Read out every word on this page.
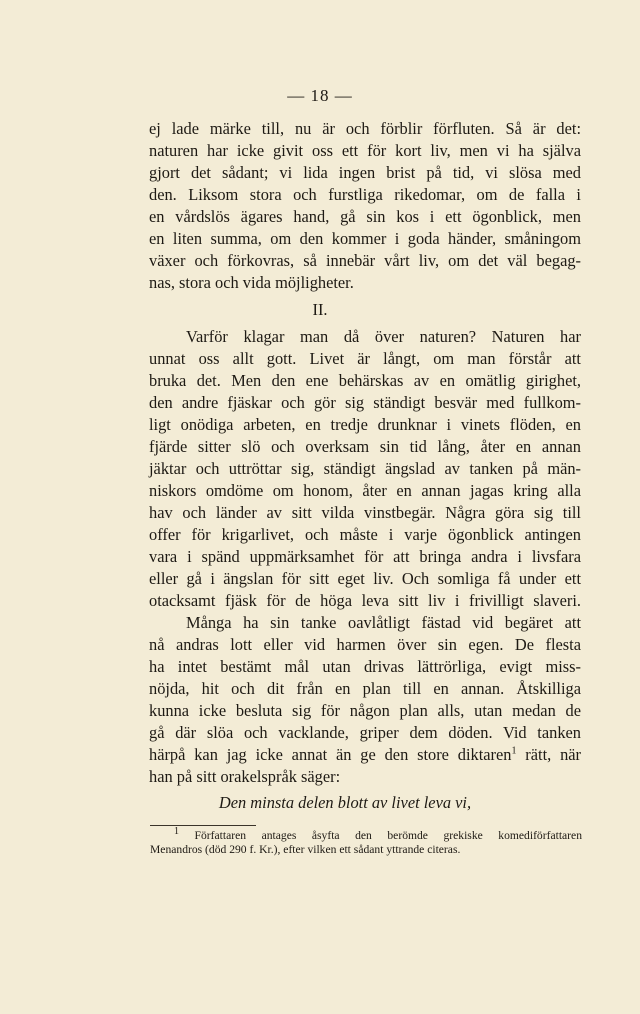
— 18 —
ej lade märke till, nu är och förblir förfluten. Så är det:
naturen har icke givit oss ett för kort liv, men vi ha själva
gjort det sådant; vi lida ingen brist på tid, vi slösa med
den. Liksom stora och furstliga rikedomar, om de falla i
en vårdslös ägares hand, gå sin kos i ett ögonblick, men
en liten summa, om den kommer i goda händer, småningom
växer och förkovras, så innebär vårt liv, om det väl begag-
nas, stora och vida möjligheter.
II.
Varför klagar man då över naturen? Naturen har
unnat oss allt gott. Livet är långt, om man förstår att
bruka det. Men den ene behärskas av en omätlig girighet,
den andre fjäskar och gör sig ständigt besvär med fullkom-
ligt onödiga arbeten, en tredje drunknar i vinets flöden, en
fjärde sitter slö och overksam sin tid lång, åter en annan
jäktar och uttröttar sig, ständigt ängslad av tanken på män-
niskors omdöme om honom, åter en annan jagas kring alla
hav och länder av sitt vilda vinstbegär. Några göra sig till
offer för krigarlivet, och måste i varje ögonblick antingen
vara i spänd uppmärksamhet för att bringa andra i livsfara
eller gå i ängslan för sitt eget liv. Och somliga få under ett
otacksamt fjäsk för de höga leva sitt liv i frivilligt slaveri.
Många ha sin tanke oavlåtligt fästad vid begäret att
nå andras lott eller vid harmen över sin egen. De flesta
ha intet bestämt mål utan drivas lättrörliga, evigt miss-
nöjda, hit och dit från en plan till en annan. Åtskilliga
kunna icke besluta sig för någon plan alls, utan medan de
gå där slöa och vacklande, griper dem döden. Vid tanken
härpå kan jag icke annat än ge den store diktaren$^1$ rätt, när
han på sitt orakelspråk säger:
Den minsta delen blott av livet leva vi,
$^1$ Författaren antages åsyfta den berömde grekiske komediförfattaren
Menandros (död 290 f. Kr.), efter vilken ett sådant yttrande citeras.
